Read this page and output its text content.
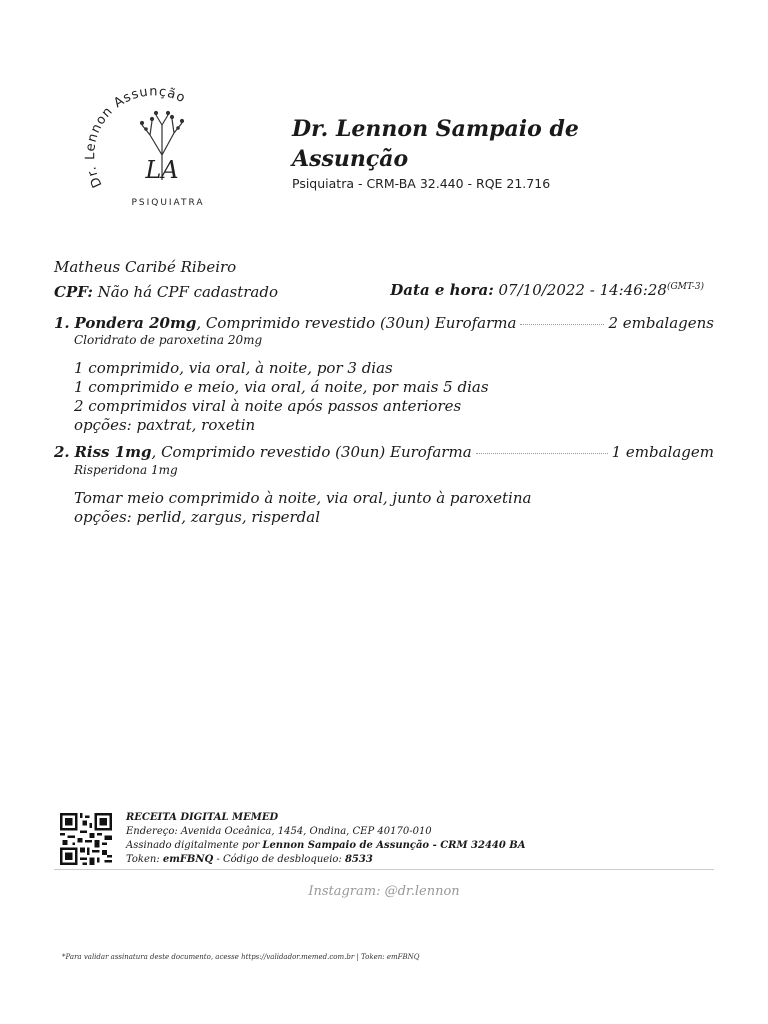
Dr. Lennon Assunção
LA
PSIQUIATRA
Dr. Lennon Sampaio de Assunção
Psiquiatra - CRM-BA 32.440 - RQE 21.716
Matheus Caribé Ribeiro
CPF: Não há CPF cadastrado	Data e hora: $07/10/2022 - 14:46:28^{(GMT-3)}$
1. Pondera 20mg, Comprimido revestido (30un) Eurofarma	2 embalagens
Cloridrato de paroxetina 20mg
1 comprimido, via oral, à noite, por 3 dias
1 comprimido e meio, via oral, á noite, por mais 5 dias
2 comprimidos viral à noite após passos anteriores
opções: paxtrat, roxetin
2. Riss 1mg, Comprimido revestido (30un) Eurofarma	1 embalagem
Risperidona 1mg
Tomar meio comprimido à noite, via oral, junto à paroxetina
opções: perlid, zargus, risperdal
RECEITA DIGITAL MEMED
Endereço: Avenida Oceânica, 1454, Ondina, CEP 40170-010
Assinado digitalmente por Lennon Sampaio de Assunção - CRM 32440 BA
Token: emFBNQ - Código de desbloqueio: 8533
Instagram: @dr.lennon
*Para validar assinatura deste documento, acesse https://validador.memed.com.br | Token: emFBNQ
